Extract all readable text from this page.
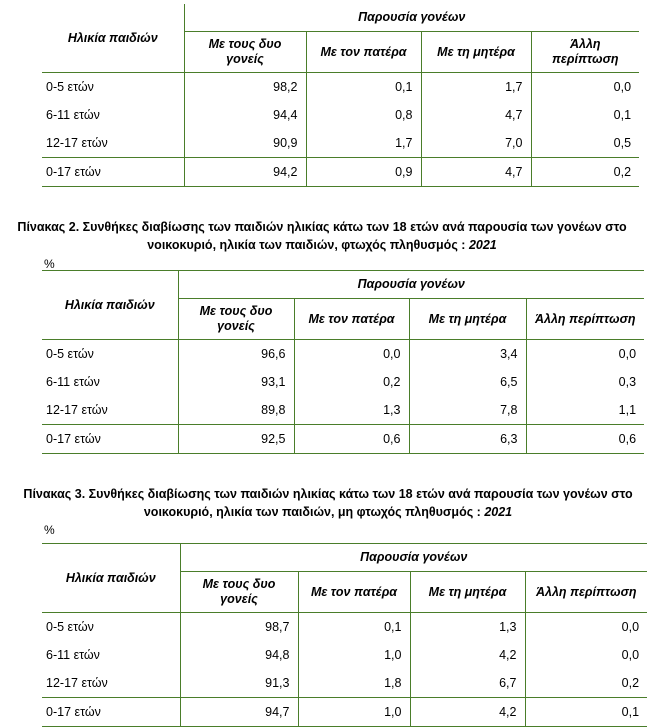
Ηλικία παιδιών	Παρουσία γονέων			
	Με τους δυο γονείς	Με τον πατέρα	Με τη μητέρα	Άλλη περίπτωση
0-5 ετών	98,2	0,1	1,7	0,0
6-11 ετών	94,4	0,8	4,7	0,1
12-17 ετών	90,9	1,7	7,0	0,5
0-17 ετών	94,2	0,9	4,7	0,2
Πίνακας 2. Συνθήκες διαβίωσης των παιδιών ηλικίας κάτω των 18 ετών ανά παρουσία των γονέων στο νοικοκυριό, ηλικία των παιδιών, φτωχός πληθυσμός : 2021
%
Ηλικία παιδιών	Παρουσία γονέων			
	Με τους δυο γονείς	Με τον πατέρα	Με τη μητέρα	Άλλη περίπτωση
0-5 ετών	96,6	0,0	3,4	0,0
6-11 ετών	93,1	0,2	6,5	0,3
12-17 ετών	89,8	1,3	7,8	1,1
0-17 ετών	92,5	0,6	6,3	0,6
Πίνακας 3. Συνθήκες διαβίωσης των παιδιών ηλικίας κάτω των 18 ετών ανά παρουσία των γονέων στο νοικοκυριό, ηλικία των παιδιών, μη φτωχός πληθυσμός : 2021
%
Ηλικία παιδιών	Παρουσία γονέων			
	Με τους δυο γονείς	Με τον πατέρα	Με τη μητέρα	Άλλη περίπτωση
0-5 ετών	98,7	0,1	1,3	0,0
6-11 ετών	94,8	1,0	4,2	0,0
12-17 ετών	91,3	1,8	6,7	0,2
0-17 ετών	94,7	1,0	4,2	0,1
